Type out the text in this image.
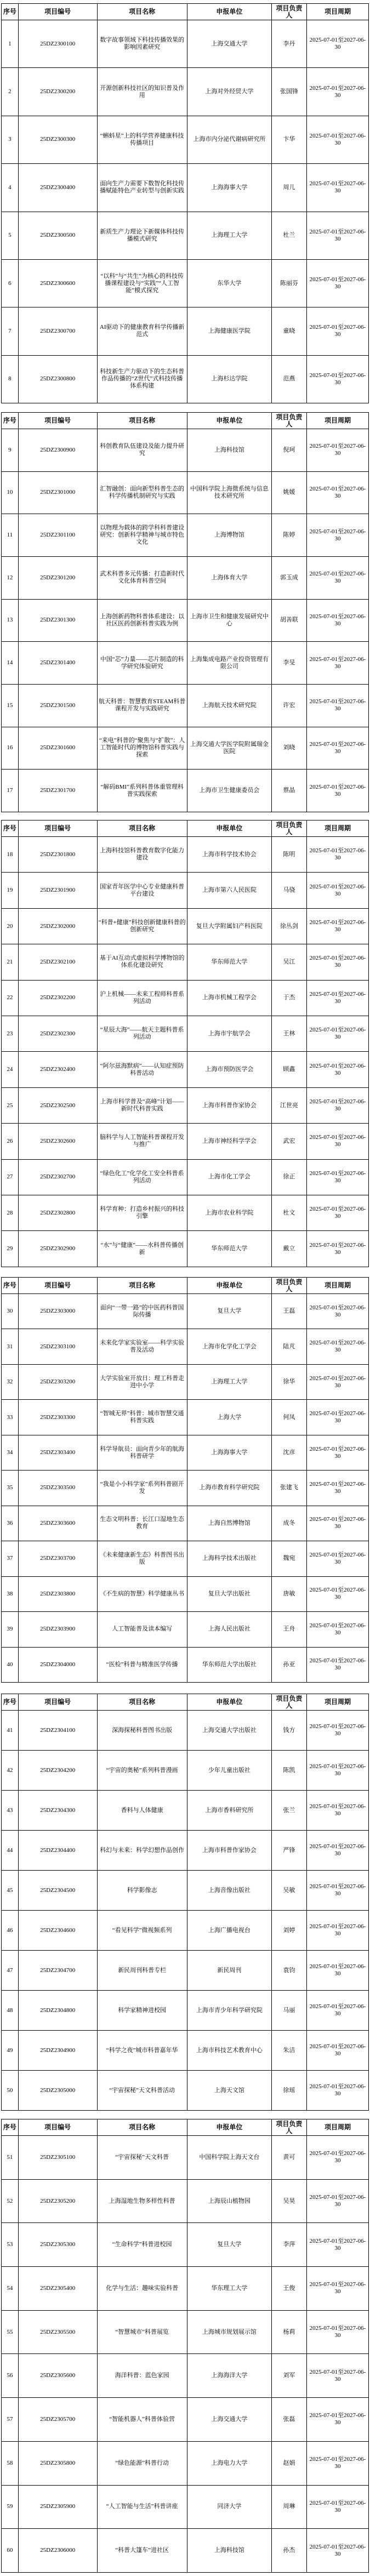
序号	项目编号	项目名称	申报单位	项目负责人	项目周期
1	25DZ2300100	数字故事领域下科技传播效果的影响因素研究	上海交通大学	李丹	2025-07-01至2027-06-30
2	25DZ2300200	开源创新科技社区的知识普及作用	上海对外经贸大学	张国锋	2025-07-01至2027-06-30
3	25DZ2300300	“蝌蚪星”上的科学营养健康科技传播项目	上海市内分泌代谢病研究所	卞华	2025-07-01至2027-06-30
4	25DZ2300400	面向生产力需要下数智化科技传播赋能特色产业转型与创新实践	上海海事大学	周儿	2025-07-01至2027-06-30
5	25DZ2300500	新质生产力理论下新媒体科技传播模式研究	上海理工大学	杜兰	2025-07-01至2027-06-30
6	25DZ2300600	“以科”与“共生”为核心的科技传播课程建设与“实践”“人工智能”模式探究	东华大学	陈丽芬	2025-07-01至2027-06-30
7	25DZ2300700	AI驱动下的健康教育科学传播新范式	上海健康医学院	童晓	2025-07-01至2027-06-30
8	25DZ2300800	科技新生产力驱动下的生态科普作品传播的“Z世代”式科技传播体系构建	上海杉达学院	范燕	2025-07-01至2027-06-30
序号	项目编号	项目名称	申报单位	项目负责人	项目周期
9	25DZ2300900	科创教育队伍建设及能力提升研究	上海科技馆	倪珂	2025-07-01至2027-06-30
10	25DZ2301000	汇智融创：面向新型科普生态的科学传播机制研究与实践	中国科学院上海微系统与信息技术研究所	姚媛	2025-07-01至2027-06-30
11	25DZ2301100	以物理为载体的跨学科科普建设研究：创新科学精神与城市特色文化	上海博物馆	陈婷	2025-07-01至2027-06-30
12	25DZ2301200	武术科普多元传播：打造新时代文化体育科普空间	上海体育大学	郭玉成	2025-07-01至2027-06-30
13	25DZ2301300	上海创新药物科普体系建设：以社区医药创新科普实践为例	上海市卫生和健康发展研究中心	胡善联	2025-07-01至2027-06-30
14	25DZ2301400	中国“芯”力量——芯片制造的科学研究体验研究	上海集成电路产业投资管理有限公司	李旻	2025-07-01至2027-06-30
15	25DZ2301500	航天科普：智慧教育STEAM科普课程开发与实践研究	上海航天技术研究院	许宏	2025-07-01至2027-06-30
16	25DZ2301600	“来电”科普的“聚焦与“扩散”：人工智能时代的博物馆科普实践与探索	上海交通大学医学院附属瑞金医院	刘晓	2025-07-01至2027-06-30
17	25DZ2301700	“解码BMI”系列科普体重管理科普实践探索	上海市卫生健康委员会	蔡晶	2025-07-01至2027-06-30
序号	项目编号	项目名称	申报单位	项目负责人	项目周期
18	25DZ2301800	上海科技馆科普教育数字化能力建设	上海市科学技术协会	陈明	2025-07-01至2027-06-30
19	25DZ2301900	国家青年医学中心专业健康科普平台建设	上海市第六人民医院	马骁	2025-07-01至2027-06-30
20	25DZ2302000	“科普+健康”科技创新健康科普的创新研究	复旦大学附属妇产科医院	徐丛剑	2025-07-01至2027-06-30
21	25DZ2302100	基于AI互动式虚拟科学博物馆的体系化建设研究	华东师范大学	吴江	2025-07-01至2027-06-30
22	25DZ2302200	沪上机械——未来工程师科普系列活动	上海市机械工程学会	于杰	2025-07-01至2027-06-30
23	25DZ2302300	“星辰大海”——航天主题科普系列活动	上海市宇航学会	王林	2025-07-01至2027-06-30
24	25DZ2302400	“阿尔兹海默病”——认知症预防科普活动	上海市预防医学会	顾鑫	2025-07-01至2027-06-30
25	25DZ2302500	上海市科学普及“高峰”计划——新时代科普实践	上海市科普作家协会	江世亮	2025-07-01至2027-06-30
26	25DZ2302600	脑科学与人工智能科普课程开发与推广	上海市神经科学学会	武宏	2025-07-01至2027-06-30
27	25DZ2302700	“绿色化工”化学化工安全科普系列活动	上海市化工学会	徐正	2025-07-01至2027-06-30
28	25DZ2302800	科学育种：打造乡村振兴的科技引擎	上海市农业科学院	杜文	2025-07-01至2027-06-30
29	25DZ2302900	“水”与“健康”——水科普传播创新	华东师范大学	戴立	2025-07-01至2027-06-30
序号	项目编号	项目名称	申报单位	项目负责人	项目周期
30	25DZ2303000	面向“一带一路”的中医药科普国际传播	复旦大学	王磊	2025-07-01至2027-06-30
31	25DZ2303100	未来化学家实验室——科学实验普及活动	上海市化学化工学会	陆芃	2025-07-01至2027-06-30
32	25DZ2303200	大学实验室开放日：理工科普走进中小学	上海理工大学	徐华	2025-07-01至2027-06-30
33	25DZ2303300	“智城无界”科普：城市智慧交通科普实践	上海大学	何凤	2025-07-01至2027-06-30
34	25DZ2303400	科学导航员：面向青少年的航海科普研学	上海海事大学	沈彦	2025-07-01至2027-06-30
35	25DZ2303500	“我是小小科学家”系列科普剧开发	上海市教育科学研究院	张建飞	2025-07-01至2027-06-30
36	25DZ2303600	生态文明科普：长江口湿地生态教育	上海自然博物馆	成冬	2025-07-01至2027-06-30
37	25DZ2303700	《未来健康新生态》科普图书出版	上海科学技术出版社	魏宛	2025-07-01至2027-06-30
38	25DZ2303800	《不生病的智慧》科学健康丛书	复旦大学出版社	唐敏	2025-07-01至2027-06-30
39	25DZ2303900	人工智能普及读本编写	上海人民出版社	王舟	2025-07-01至2027-06-30
40	25DZ2304000	“医检”科普与精准医学传播	华东师范大学出版社	孙亚	2025-07-01至2027-06-30
序号	项目编号	项目名称	申报单位	项目负责人	项目周期
41	25DZ2304100	深海探秘科普图书出版	上海交通大学出版社	钱方	2025-07-01至2027-06-30
42	25DZ2304200	“宇宙的奥秘”系列科普漫画	少年儿童出版社	陈凯	2025-07-01至2027-06-30
43	25DZ2304300	香料与人体健康	上海市香料研究所	张兰	2025-07-01至2027-06-30
44	25DZ2304400	科幻与未来：科学幻想作品创作	上海市科普作家协会	严锋	2025-07-01至2027-06-30
45	25DZ2304500	科学影像志	上海音像出版社	吴敏	2025-07-01至2027-06-30
46	25DZ2304600	“看见科学”微视频系列	上海广播电视台	刘婷	2025-07-01至2027-06-30
47	25DZ2304700	新民周刊科普专栏	新民周刊	袁钧	2025-07-01至2027-06-30
48	25DZ2304800	科学家精神进校园	上海市青少年科学研究院	马丽	2025-07-01至2027-06-30
49	25DZ2304900	“科学之夜”城市科普嘉年华	上海市科技艺术教育中心	朱洁	2025-07-01至2027-06-30
50	25DZ2305000	“宇宙探秘”天文科普活动	上海天文馆	徐瑶	2025-07-01至2027-06-30
序号	项目编号	项目名称	申报单位	项目负责人	项目周期
51	25DZ2305100	“宇宙探秘”天文科普	中国科学院上海天文台	黄可	2025-07-01至2027-06-30
52	25DZ2305200	上海湿地生物多样性科普	上海辰山植物园	吴昊	2025-07-01至2027-06-30
53	25DZ2305300	“生命科学”科普进校园	复旦大学	李萍	2025-07-01至2027-06-30
54	25DZ2305400	化学与生活：趣味实验科普	华东理工大学	王俊	2025-07-01至2027-06-30
55	25DZ2305500	“智慧城市”科普展览	上海城市规划展示馆	杨莉	2025-07-01至2027-06-30
56	25DZ2305600	海洋科普：蓝色家园	上海海洋大学	刘军	2025-07-01至2027-06-30
57	25DZ2305700	“智能机器人”科普体验营	上海交通大学	张磊	2025-07-01至2027-06-30
58	25DZ2305800	“绿色能源”科普行动	上海电力大学	赵娟	2025-07-01至2027-06-30
59	25DZ2305900	“人工智能与生活”科普讲座	同济大学	周琳	2025-07-01至2027-06-30
60	25DZ2306000	“科普大篷车”进社区	上海科技馆	孙杰	2025-07-01至2027-06-30
